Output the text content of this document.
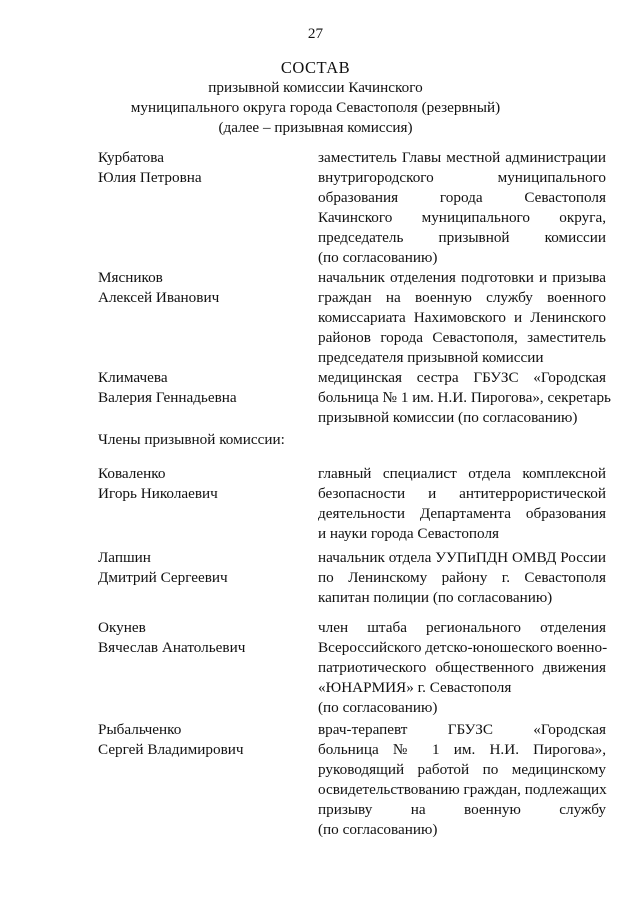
27
СОСТАВ
призывной комиссии Качинского
муниципального округа города Севастополя (резервный)
(далее – призывная комиссия)
Курбатова
Юлия Петровна
заместитель Главы местной администрации
внутригородского муниципального
образования города Севастополя
Качинского муниципального округа,
председатель призывной комиссии
(по согласованию)
Мясников
Алексей Иванович
начальник отделения подготовки и призыва
граждан на военную службу военного
комиссариата Нахимовского и Ленинского
районов города Севастополя, заместитель
председателя призывной комиссии
Климачева
Валерия Геннадьевна
медицинская сестра ГБУЗС «Городская
больница № 1 им. Н.И. Пирогова», секретарь
призывной комиссии (по согласованию)
Члены призывной комиссии:
Коваленко
Игорь Николаевич
главный специалист отдела комплексной
безопасности и антитеррористической
деятельности Департамента образования
и науки города Севастополя
Лапшин
Дмитрий Сергеевич
начальник отдела УУПиПДН ОМВД России
по Ленинскому району г. Севастополя
капитан полиции (по согласованию)
Окунев
Вячеслав Анатольевич
член штаба регионального отделения
Всероссийского детско-юношеского военно-
патриотического общественного движения
«ЮНАРМИЯ» г. Севастополя
(по согласованию)
Рыбальченко
Сергей Владимирович
врач-терапевт ГБУЗС «Городская
больница № 1 им. Н.И. Пирогова»,
руководящий работой по медицинскому
освидетельствованию граждан, подлежащих
призыву на военную службу
(по согласованию)
